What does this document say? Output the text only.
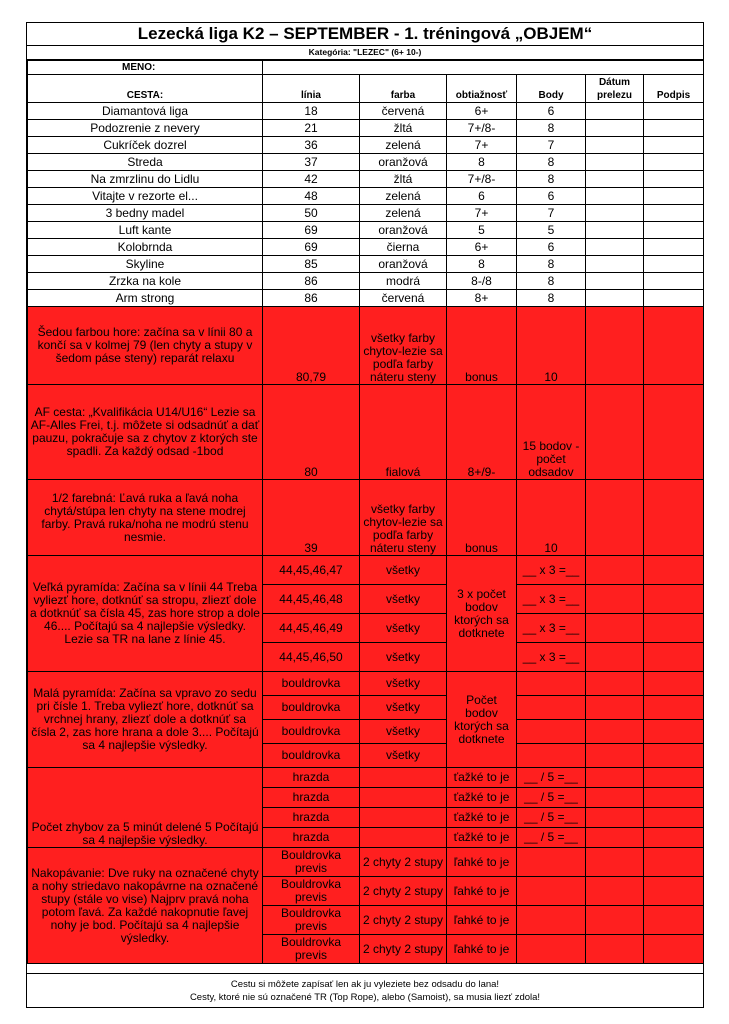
Lezecká liga K2 – SEPTEMBER - 1. tréningová „OBJEM“
Kategória: "LEZEC" (6+ 10-)
MENO:						
CESTA:	línia	farba	obtiažnosť	Body	Dátum prelezu	Podpis
Diamantová liga	18	červená	6+	6		
Podozrenie z nevery	21	žltá	7+/8-	8		
Cukríček dozrel	36	zelená	7+	7		
Streda	37	oranžová	8	8		
Na zmrzlinu do Lidlu	42	žltá	7+/8-	8		
Vitajte v rezorte el...	48	zelená	6	6		
3 bedny madel	50	zelená	7+	7		
Luft kante	69	oranžová	5	5		
Kolobrnda	69	čierna	6+	6		
Skyline	85	oranžová	8	8		
Zrzka na kole	86	modrá	8-/8	8		
Arm strong	86	červená	8+	8		
Šedou farbou hore: začína sa v línii 80 a končí sa v kolmej 79 (len chyty a stupy v šedom páse steny) reparát relaxu	80,79	všetky farby chytov-lezie sa podľa farby náteru steny	bonus	10		
AF cesta: „Kvalifikácia U14/U16“ Lezie sa AF-Alles Frei, t.j. môžete si odsadnúť a dať pauzu, pokračuje sa z chytov z ktorých ste spadli. Za každý odsad -1bod	80	fialová	8+/9-	15 bodov - počet odsadov		
1/2 farebná: Ľavá ruka a ľavá noha chytá/stúpa len chyty na stene modrej farby. Pravá ruka/noha ne modrú stenu nesmie.	39	všetky farby chytov-lezie sa podľa farby náteru steny	bonus	10		
Veľká pyramída: Začína sa v línii 44 Treba vyliezť hore, dotknúť sa stropu, zliezť dole a dotknúť sa čísla 45, zas hore strop a dole 46.... Počítajú sa 4 najlepšie výsledky. Lezie sa TR na lane z línie 45.	44,45,46,47	všetky	3 x počet bodov ktorých sa dotknete	__ x 3 =__		
	44,45,46,48	všetky		__ x 3 =__		
	44,45,46,49	všetky		__ x 3 =__		
	44,45,46,50	všetky		__ x 3 =__		
Malá pyramída: Začína sa vpravo zo sedu pri čísle 1. Treba vyliezť hore, dotknúť sa vrchnej hrany, zliezť dole a dotknúť sa čísla 2, zas hore hrana a dole 3.... Počítajú sa 4 najlepšie výsledky.	bouldrovka	všetky	Počet bodov ktorých sa dotknete			
	bouldrovka	všetky				
	bouldrovka	všetky				
	bouldrovka	všetky				
Počet zhybov za 5 minút delené 5 Počítajú sa 4 najlepšie výsledky.	hrazda		ťažké to je	__ / 5 =__		
	hrazda		ťažké to je	__ / 5 =__		
	hrazda		ťažké to je	__ / 5 =__		
	hrazda		ťažké to je	__ / 5 =__		
Nakopávanie: Dve ruky na označené chyty a nohy striedavo nakopávrne na označené stupy (stále vo vise) Najprv pravá noha potom ľavá. Za každé nakopnutie ľavej nohy je bod. Počítajú sa 4 najlepšie výsledky.	Bouldrovka previs	2 chyty 2 stupy	ľahké to je			
	Bouldrovka previs	2 chyty 2 stupy	ľahké to je			
	Bouldrovka previs	2 chyty 2 stupy	ľahké to je			
	Bouldrovka previs	2 chyty 2 stupy	ľahké to je			
Cestu si môžete zapísať len ak ju vyleziete bez odsadu do lana!
Cesty, ktoré nie sú označené TR (Top Rope), alebo (Samoist), sa musia liezť zdola!
